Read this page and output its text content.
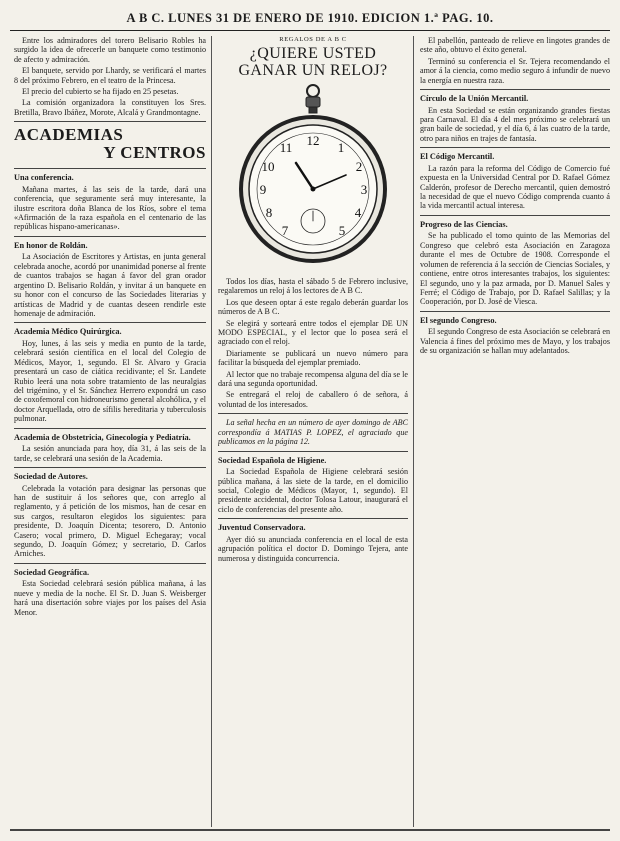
A B C. LUNES 31 DE ENERO DE 1910. EDICION 1.ª PAG. 10.

Entre los admiradores del torero Belisario Robles ha surgido la idea de ofrecerle un banquete como testimonio de afecto y admiración.

El banquete, servido por Lhardy, se verificará el martes 8 del próximo Febrero, en el teatro de la Princesa.

El precio del cubierto se ha fijado en 25 pesetas.

La comisión organizadora la constituyen los Sres. Bretilla, Bravo Ibáñez, Morote, Alcalá y Grandmontagne.

ACADEMIAS
Y CENTROS
Una conferencia.

Mañana martes, á las seis de la tarde, dará una conferencia, que seguramente será muy interesante, la ilustre escritora doña Blanca de los Ríos, sobre el tema «Afirmación de la raza española en el centenario de las repúblicas hispano-americanas».

En honor de Roldán.

La Asociación de Escritores y Artistas, en junta general celebrada anoche, acordó por unanimidad ponerse al frente de cuantos trabajos se hagan á favor del gran orador argentino D. Belisario Roldán, y invitar á un banquete en su honor con el concurso de las Sociedades literarias y artísticas de Madrid y de cuantas deseen rendirle este homenaje de admiración.

Academia Médico Quirúrgica.

Hoy, lunes, á las seis y media en punto de la tarde, celebrará sesión científica en el local del Colegio de Médicos, Mayor, 1, segundo. El Sr. Alvaro y Gracia presentará un caso de ciática recidivante; el Sr. Landete Rubio leerá una nota sobre tratamiento de las neuralgias del trigémino, y el Sr. Sánchez Herrero expondrá un caso de coxofemoral con hidroneurismo general alcohólica, y el doctor Arquellada, otro de sífilis hereditaria y tuberculosis pulmonar.

Academia de Obstetricia, Ginecología y Pediatría.

La sesión anunciada para hoy, día 31, á las seis de la tarde, se celebrará una sesión de la Academia.

Sociedad de Autores.

Celebrada la votación para designar las personas que han de sustituir á los señores que, con arreglo al reglamento, y á petición de los mismos, han de cesar en sus cargos, resultaron elegidos los siguientes: para presidente, D. Joaquín Dicenta; tesorero, D. Antonio Casero; vocal primero, D. Miguel Echegaray; vocal segundo, D. Joaquín Gómez; y secretario, D. Carlos Arniches.

Sociedad Geográfica.

Esta Sociedad celebrará sesión pública mañana, á las nueve y media de la noche. El Sr. D. Juan S. Weisberger hará una disertación sobre viajes por los países del Asia Menor.

REGALOS DE A B C
¿QUIERE USTED
GANAR UN RELOJ?
12 1
2
3
4
5
7
8
9
10
11

Todos los días, hasta el sábado 5 de Febrero inclusive, regalaremos un reloj á los lectores de A B C.

Los que deseen optar á este regalo deberán guardar los números de A B C.

Se elegirá y sorteará entre todos el ejemplar DE UN MODO ESPECIAL, y el lector que lo posea será el agraciado con el reloj.

Diariamente se publicará un nuevo número para facilitar la búsqueda del ejemplar premiado.

Al lector que no trabaje recompensa alguna del día se le dará una segunda oportunidad.

Se entregará el reloj de caballero ó de señora, á voluntad de los interesados.

La señal hecha en un número de ayer domingo de ABC correspondía á MATIAS P. LOPEZ, el agraciado que publicamos en la página 12.

Sociedad Española de Higiene.

La Sociedad Española de Higiene celebrará sesión pública mañana, á las siete de la tarde, en el domicilio social, Colegio de Médicos (Mayor, 1, segundo). El presidente accidental, doctor Tolosa Latour, inaugurará el ciclo de conferencias del presente año.

Juventud Conservadora.

Ayer dió su anunciada conferencia en el local de esta agrupación política el doctor D. Domingo Tejera, ante numerosa y distinguida concurrencia.

El pabellón, panteado de relieve en lingotes grandes de este año, obtuvo el éxito general.

Terminó su conferencia el Sr. Tejera recomendando el amor á la ciencia, como medio seguro á infundir de nuevo la energía en nuestra raza.

Círculo de la Unión Mercantil.

En esta Sociedad se están organizando grandes fiestas para Carnaval. El día 4 del mes próximo se celebrará un gran baile de sociedad, y el día 6, á las cuatro de la tarde, otro para niños en trajes de fantasía.

El Código Mercantil.

La razón para la reforma del Código de Comercio fué expuesta en la Universidad Central por D. Rafael Gómez Calderón, profesor de Derecho mercantil, quien demostró la necesidad de que el nuevo Código comprenda cuanto á la vida mercantil actual interesa.

Progreso de las Ciencias.

Se ha publicado el tomo quinto de las Memorias del Congreso que celebró esta Asociación en Zaragoza durante el mes de Octubre de 1908. Corresponde el volumen de referencia á la sección de Ciencias Sociales, y contiene, entre otros interesantes trabajos, los siguientes: El segundo, uno y la paz armada, por D. Manuel Sales y Ferré; el Código de Trabajo, por D. Rafael Salillas; y la Cooperación, por D. José de Viesca.

El segundo Congreso.

El segundo Congreso de esta Asociación se celebrará en Valencia á fines del próximo mes de Mayo, y los trabajos de su organización se hallan muy adelantados.
